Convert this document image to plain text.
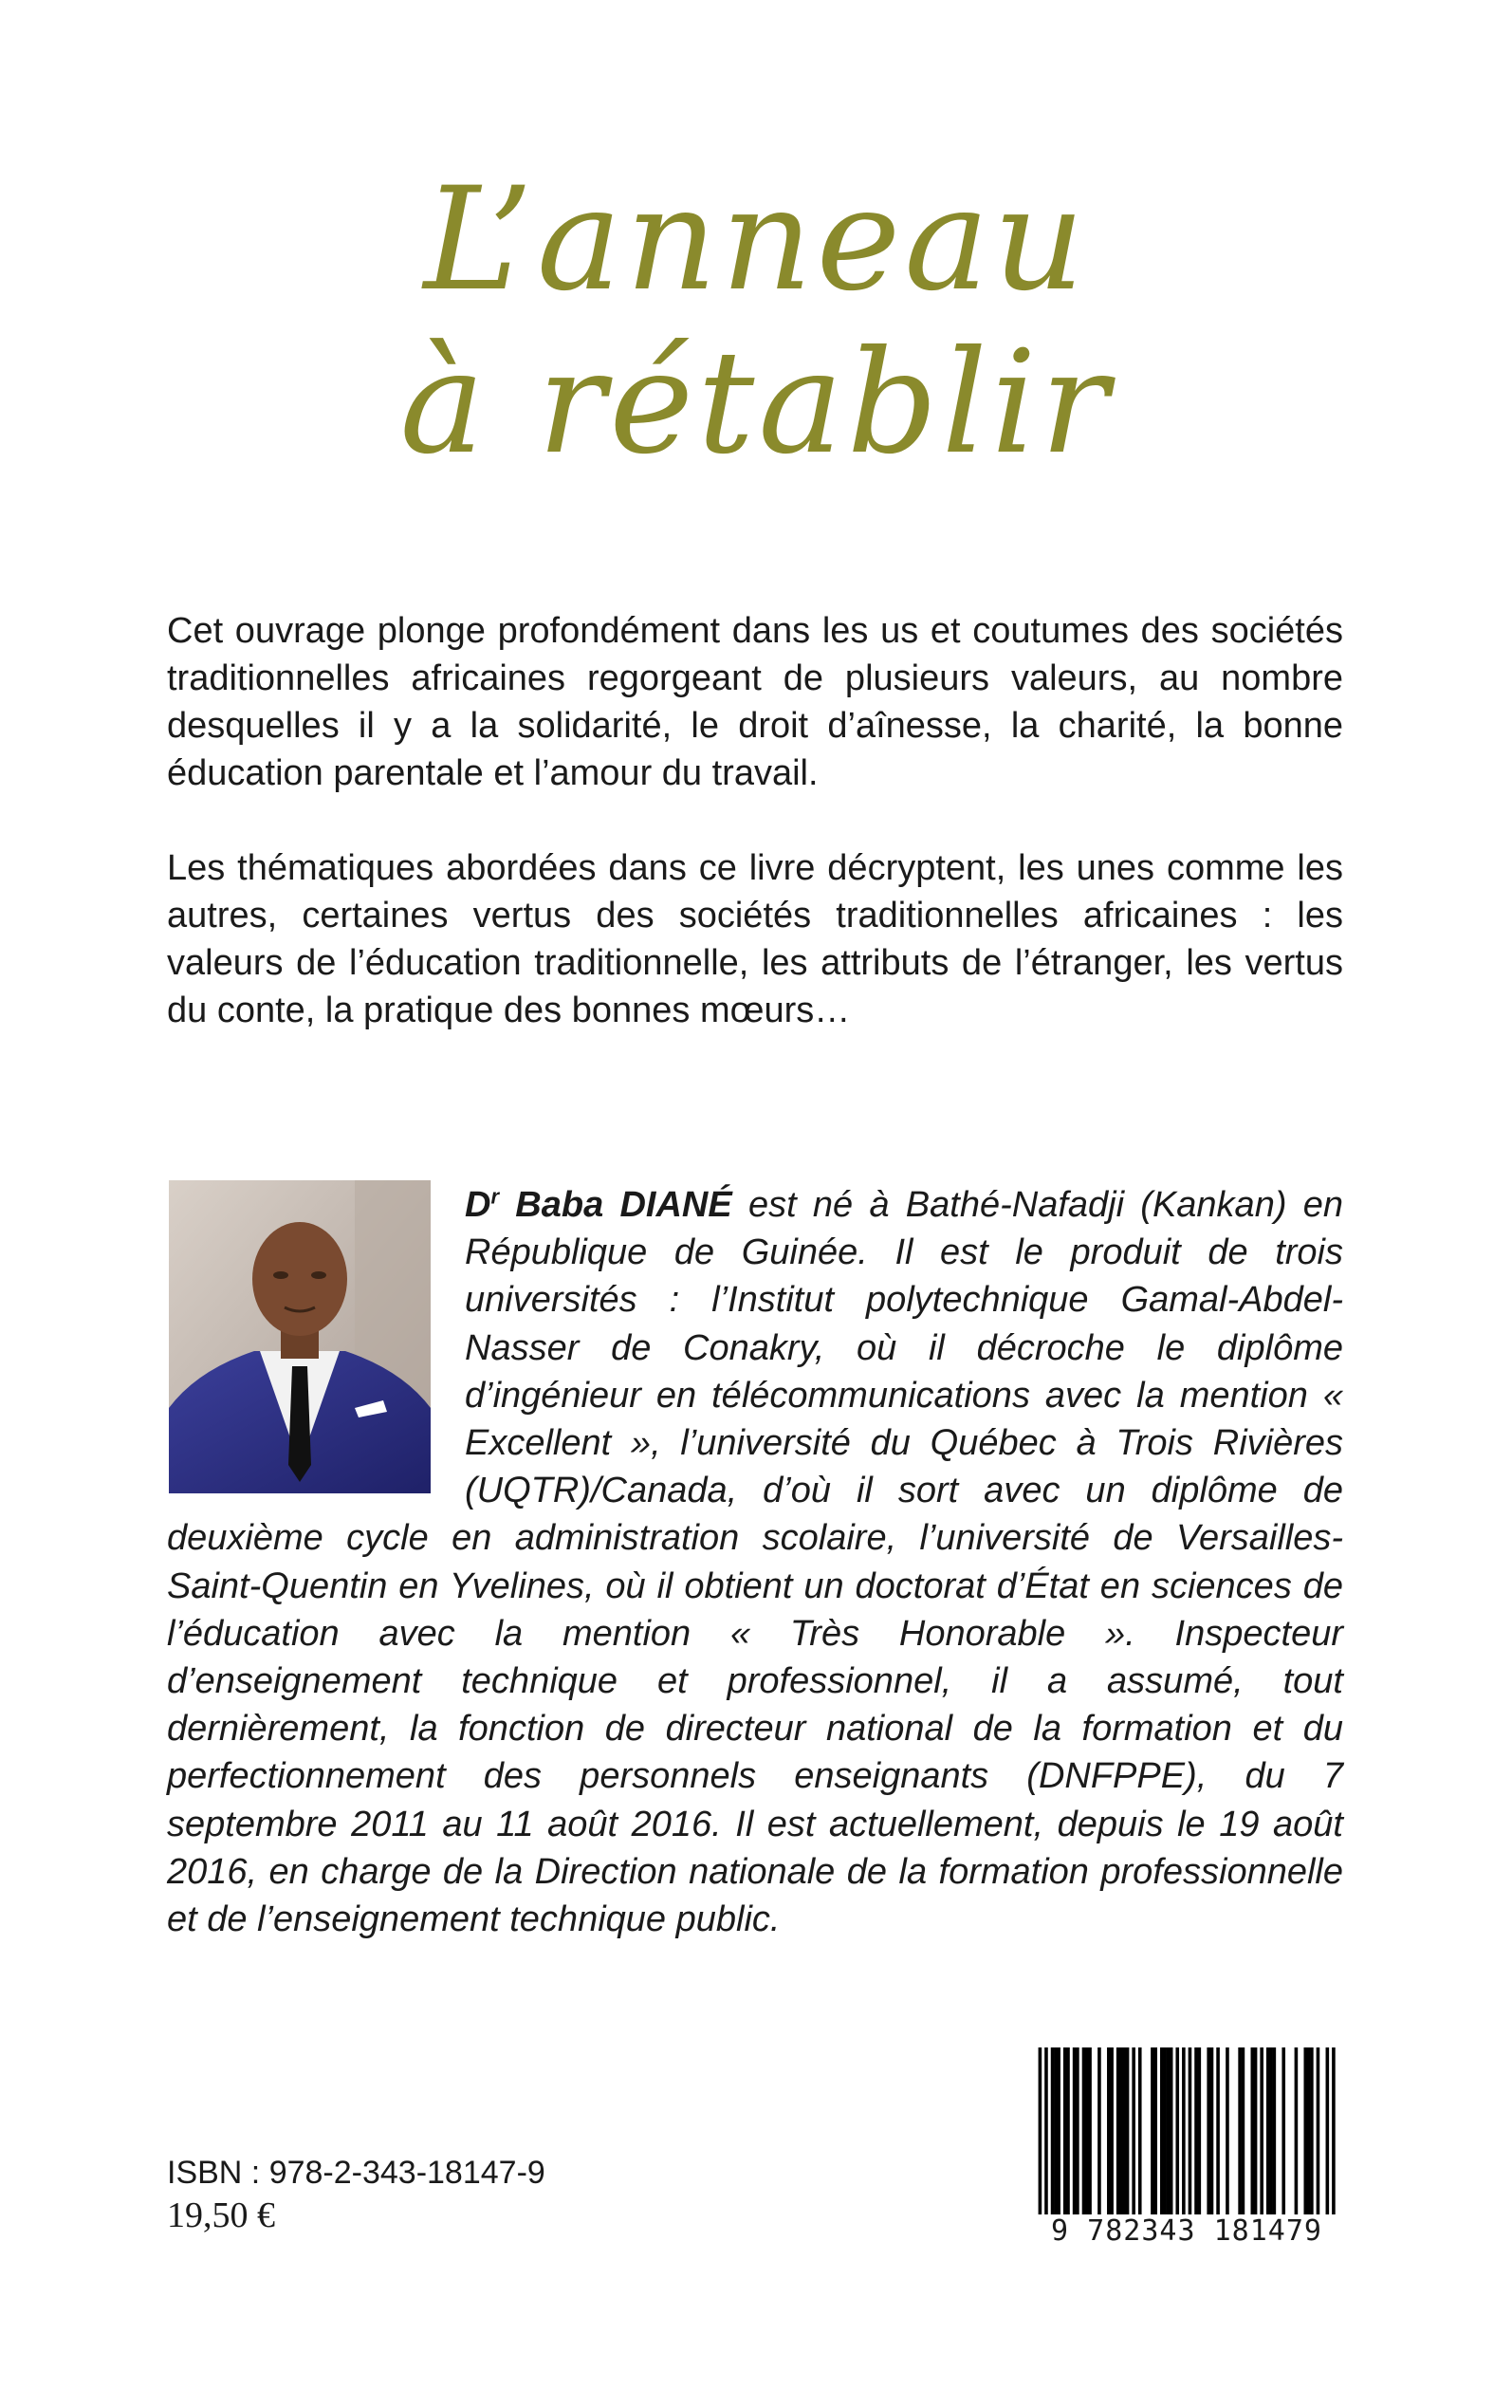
L’anneau
à rétablir

Cet ouvrage plonge profondément dans les us et coutumes des sociétés traditionnelles africaines regorgeant de plusieurs valeurs, au nombre desquelles il y a la solidarité, le droit d’aînesse, la charité, la bonne éducation parentale et l’amour du travail.

Les thématiques abordées dans ce livre décryptent, les unes comme les autres, certaines vertus des sociétés traditionnelles africaines : les valeurs de l’éducation traditionnelle, les attributs de l’étranger, les vertus du conte, la pratique des bonnes mœurs…

$D^r$ Baba DIANÉ est né à Bathé-Nafadji (Kankan) en République de Guinée. Il est le produit de trois universités : l’Institut polytechnique Gamal-Abdel-Nasser de Conakry, où il décroche le diplôme d’ingénieur en télécommunications avec la mention « Excellent », l’université du Québec à Trois Rivières (UQTR)/Canada, d’où il sort avec un diplôme de deuxième cycle en administration scolaire, l’université de Versailles-Saint-Quentin en Yvelines, où il obtient un doctorat d’État en sciences de l’éducation avec la mention « Très Honorable ». Inspecteur d’enseignement technique et professionnel, il a assumé, tout dernièrement, la fonction de directeur national de la formation et du perfectionnement des personnels enseignants (DNFPPE), du 7 septembre 2011 au 11 août 2016. Il est actuellement, depuis le 19 août 2016, en charge de la Direction nationale de la formation professionnelle et de l’enseignement technique public.
ISBN : 978-2-343-18147-9
19,50 €	9 782343 181479
